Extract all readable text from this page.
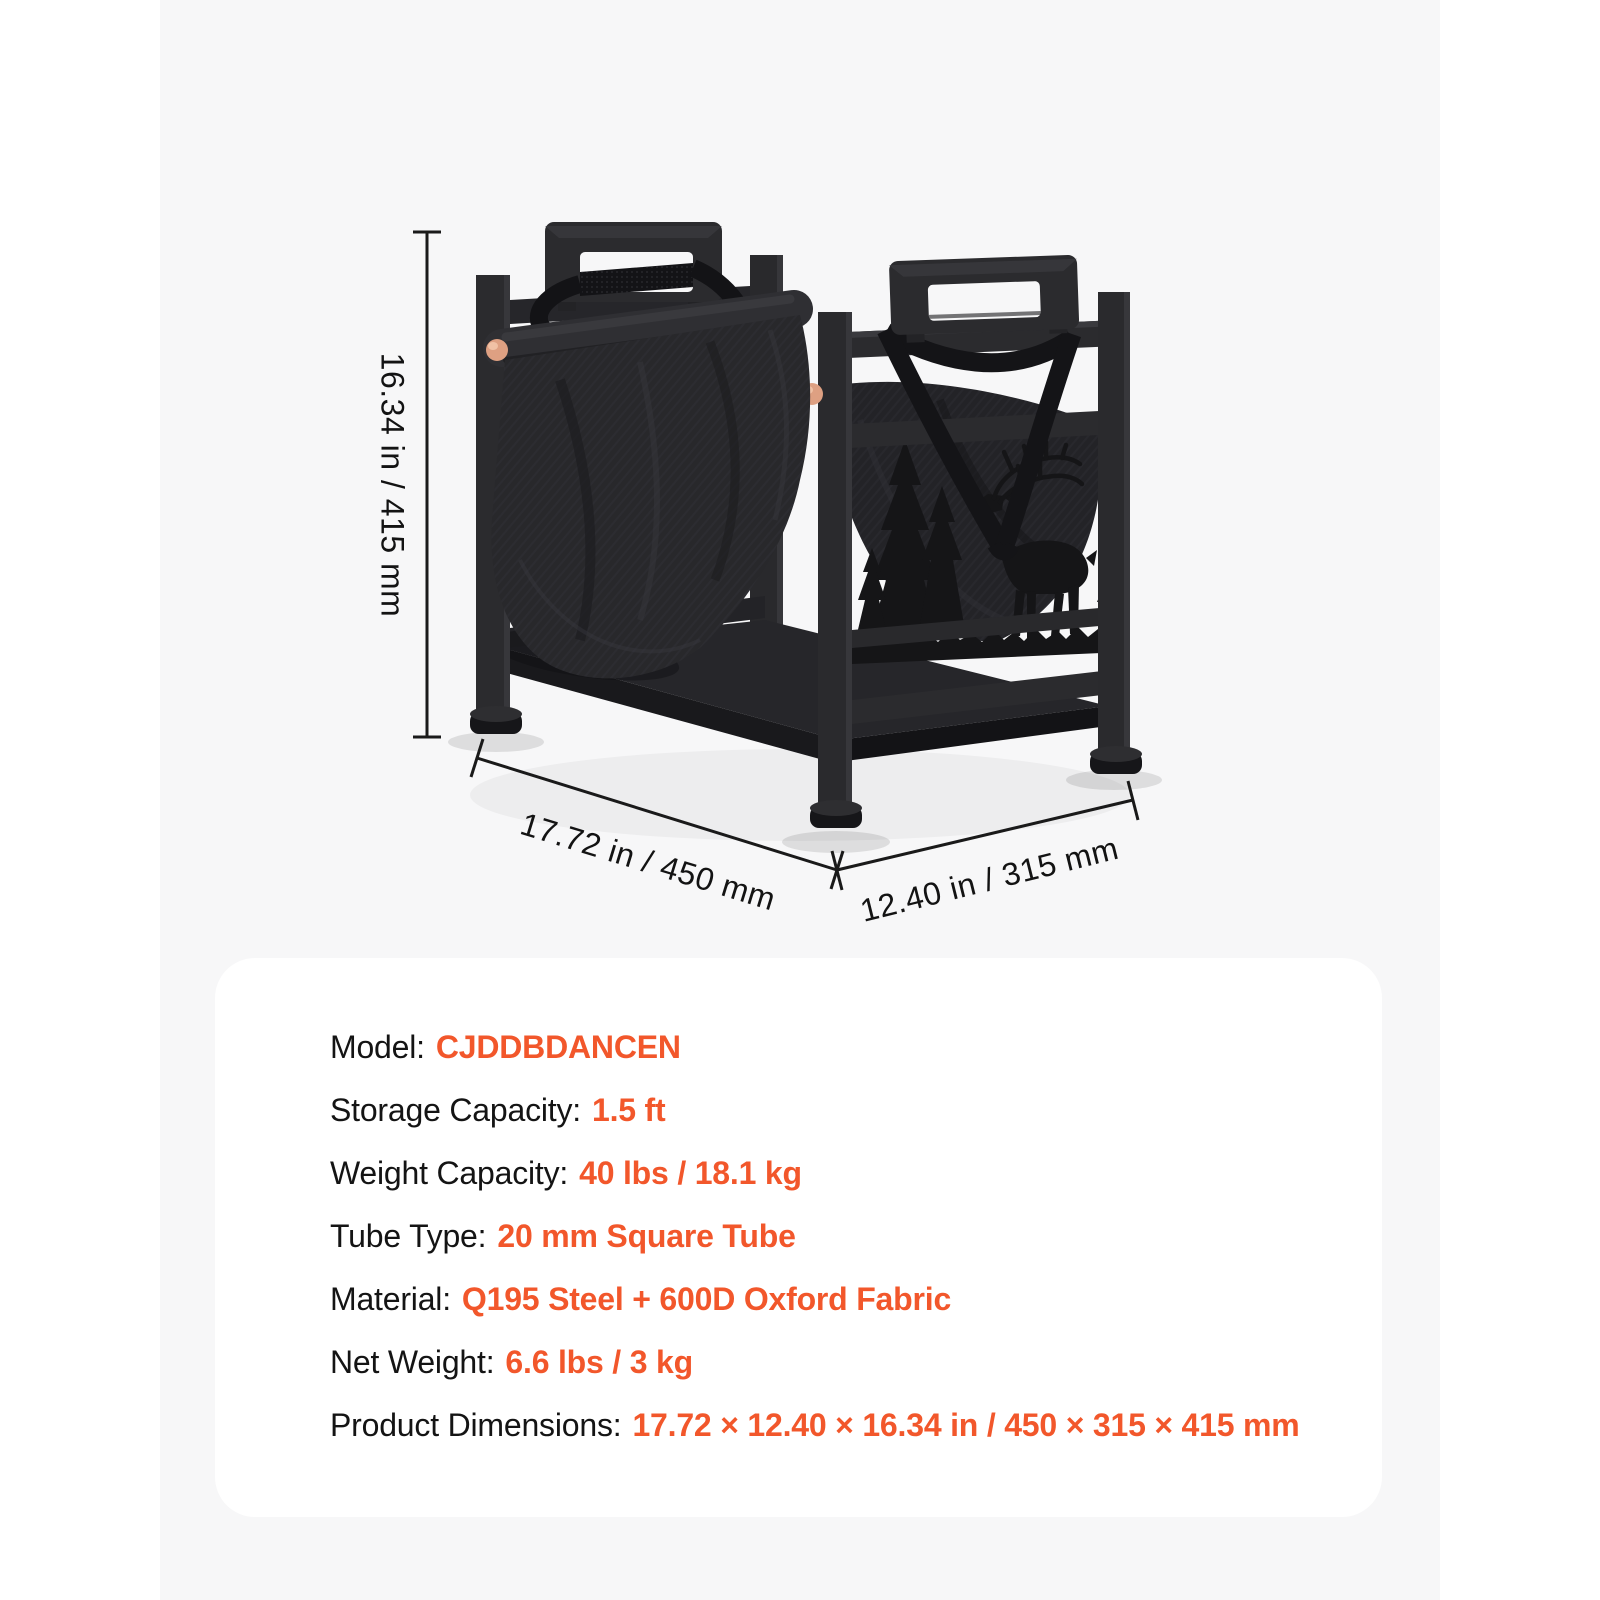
16.34 in / 415 mm
17.72 in / 450 mm 12.40 in / 315 mm
Model: CJDDBDANCEN
Storage Capacity: 1.5 ft
Weight Capacity: 40 lbs / 18.1 kg
Tube Type: 20 mm Square Tube
Material: Q195 Steel + 600D Oxford Fabric
Net Weight: 6.6 lbs / 3 kg
Product Dimensions: 17.72 × 12.40 × 16.34 in / 450 × 315 × 415 mm
